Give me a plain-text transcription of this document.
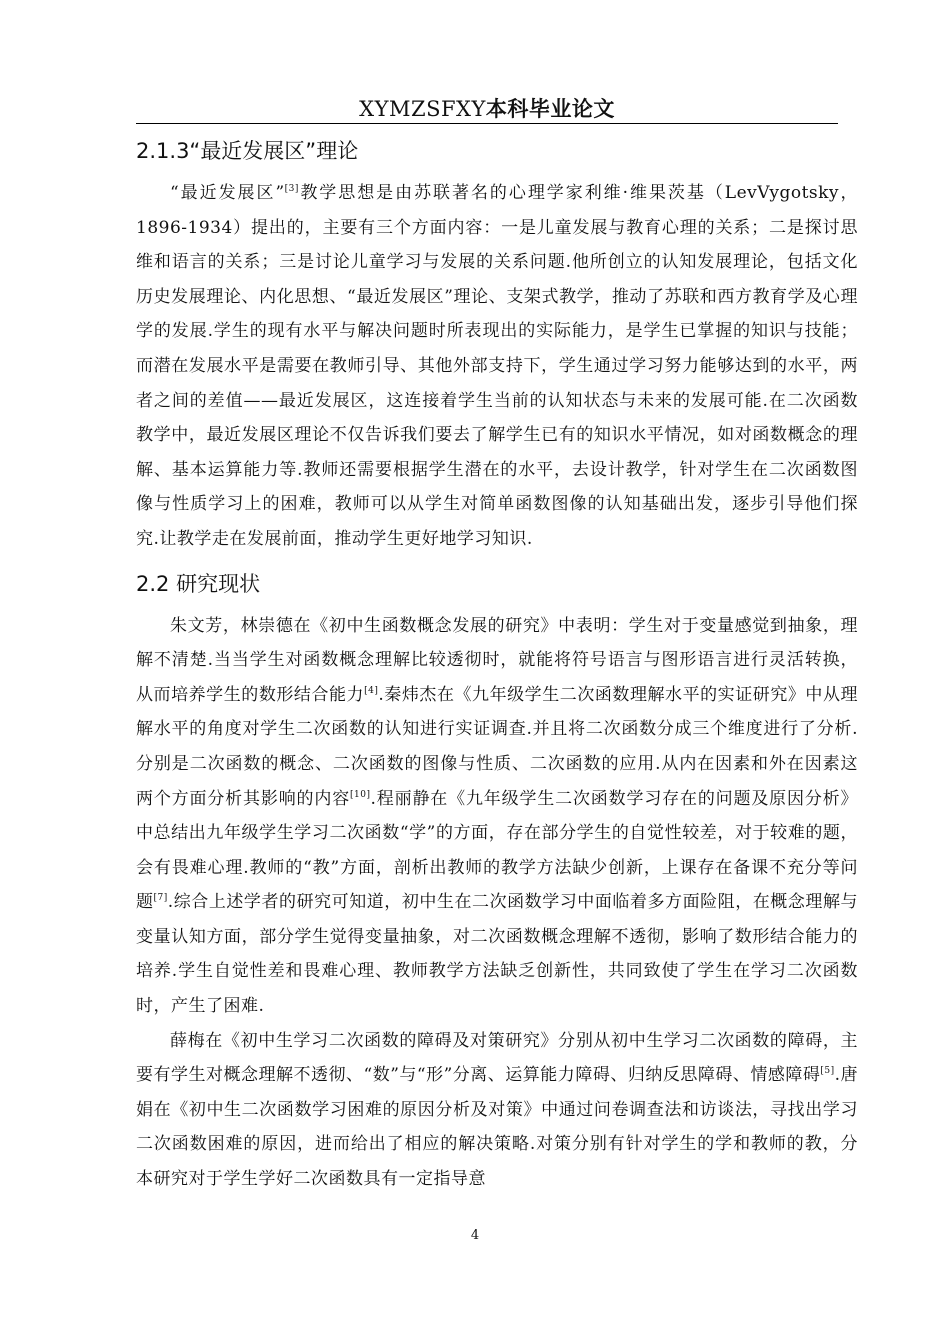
XYMZSFXY本科毕业论文
2.1.3“最近发展区”理论

“最近发展区”[3]教学思想是由苏联著名的心理学家利维·维果茨基（LevVygotsky，1896-1934）提出的，主要有三个方面内容：一是儿童发展与教育心理的关系；二是探讨思维和语言的关系；三是讨论儿童学习与发展的关系问题.他所创立的认知发展理论，包括文化历史发展理论、内化思想、“最近发展区”理论、支架式教学，推动了苏联和西方教育学及心理学的发展.学生的现有水平与解决问题时所表现出的实际能力，是学生已掌握的知识与技能；而潜在发展水平是需要在教师引导、其他外部支持下，学生通过学习努力能够达到的水平，两者之间的差值——最近发展区，这连接着学生当前的认知状态与未来的发展可能.在二次函数教学中，最近发展区理论不仅告诉我们要去了解学生已有的知识水平情况，如对函数概念的理解、基本运算能力等.教师还需要根据学生潜在的水平，去设计教学，针对学生在二次函数图像与性质学习上的困难，教师可以从学生对简单函数图像的认知基础出发，逐步引导他们探究.让教学走在发展前面，推动学生更好地学习知识.

2.2 研究现状

朱文芳，林崇德在《初中生函数概念发展的研究》中表明：学生对于变量感觉到抽象，理解不清楚.当当学生对函数概念理解比较透彻时，就能将符号语言与图形语言进行灵活转换，从而培养学生的数形结合能力[4].秦炜杰在《九年级学生二次函数理解水平的实证研究》中从理解水平的角度对学生二次函数的认知进行实证调查.并且将二次函数分成三个维度进行了分析.分别是二次函数的概念、二次函数的图像与性质、二次函数的应用.从内在因素和外在因素这两个方面分析其影响的内容[10].程丽静在《九年级学生二次函数学习存在的问题及原因分析》中总结出九年级学生学习二次函数“学”的方面，存在部分学生的自觉性较差，对于较难的题，会有畏难心理.教师的“教”方面，剖析出教师的教学方法缺少创新，上课存在备课不充分等问题[7].综合上述学者的研究可知道，初中生在二次函数学习中面临着多方面险阻，在概念理解与变量认知方面，部分学生觉得变量抽象，对二次函数概念理解不透彻，影响了数形结合能力的培养.学生自觉性差和畏难心理、教师教学方法缺乏创新性，共同致使了学生在学习二次函数时，产生了困难.

薛梅在《初中生学习二次函数的障碍及对策研究》分别从初中生学习二次函数的障碍，主要有学生对概念理解不透彻、“数”与“形”分离、运算能力障碍、归纳反思障碍、情感障碍[5].唐娟在《初中生二次函数学习困难的原因分析及对策》中通过问卷调查法和访谈法，寻找出学习二次函数困难的原因，进而给出了相应的解决策略.对策分别有针对学生的学和教师的教，分本研究对于学生学好二次函数具有一定指导意

4
